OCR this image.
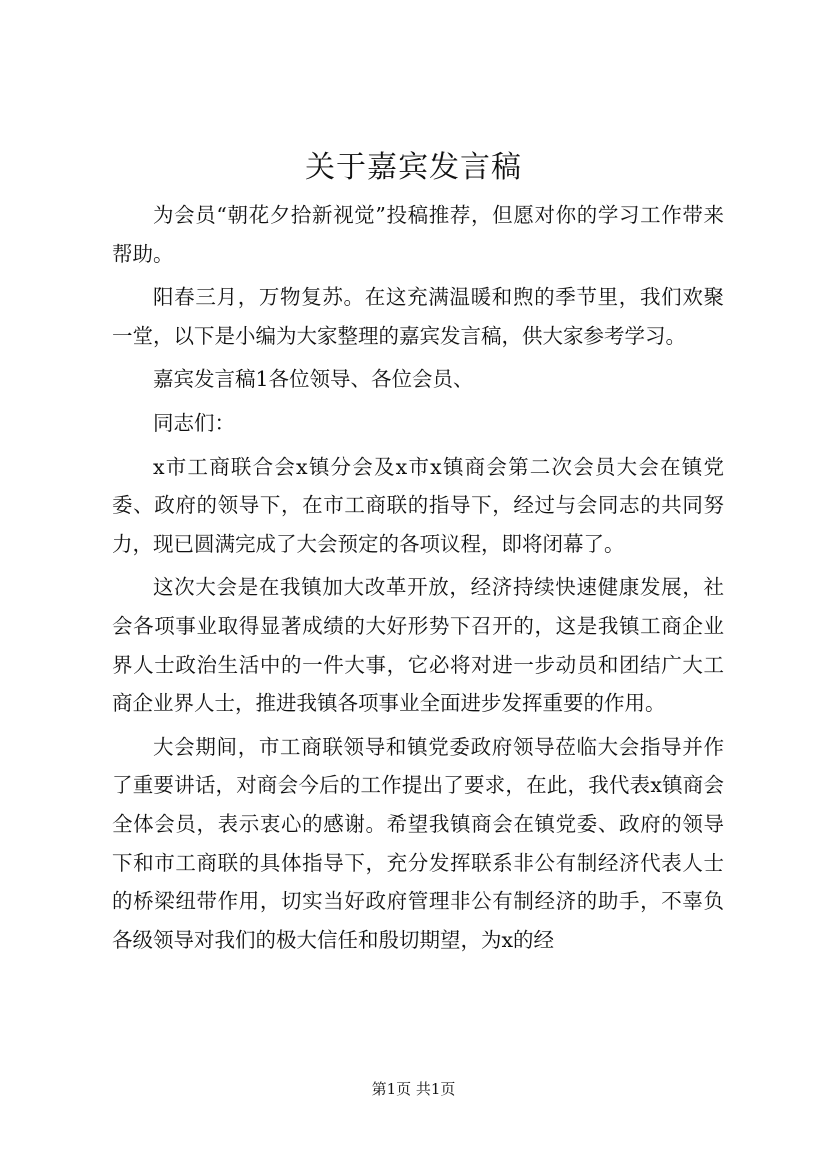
关于嘉宾发言稿

为会员“朝花夕拾新视觉”投稿推荐，但愿对你的学习工作带来帮助。

阳春三月，万物复苏。在这充满温暖和煦的季节里，我们欢聚一堂，以下是小编为大家整理的嘉宾发言稿，供大家参考学习。

嘉宾发言稿1各位领导、各位会员、

同志们：

x市工商联合会x镇分会及x市x镇商会第二次会员大会在镇党委、政府的领导下，在市工商联的指导下，经过与会同志的共同努力，现已圆满完成了大会预定的各项议程，即将闭幕了。

这次大会是在我镇加大改革开放，经济持续快速健康发展，社会各项事业取得显著成绩的大好形势下召开的，这是我镇工商企业界人士政治生活中的一件大事，它必将对进一步动员和团结广大工商企业界人士，推进我镇各项事业全面进步发挥重要的作用。

大会期间，市工商联领导和镇党委政府领导莅临大会指导并作了重要讲话，对商会今后的工作提出了要求，在此，我代表x镇商会全体会员，表示衷心的感谢。希望我镇商会在镇党委、政府的领导下和市工商联的具体指导下，充分发挥联系非公有制经济代表人士的桥梁纽带作用，切实当好政府管理非公有制经济的助手，不辜负各级领导对我们的极大信任和殷切期望，为x的经

第1页 共1页
